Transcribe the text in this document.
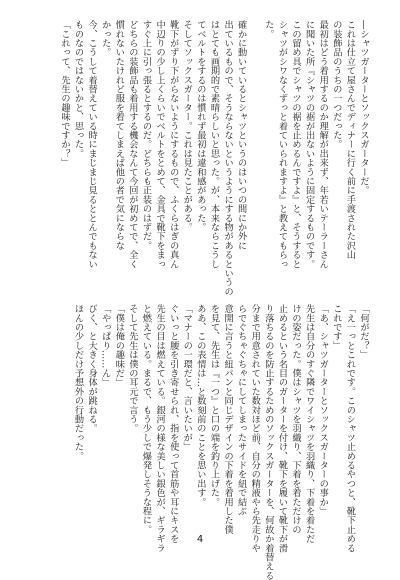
―シャツガーターとソックスガーターだ。

これは仕立て屋さんでディナーに行く前に手渡された沢山

の装飾品のうちの一つだった。

最初はどう着用するのか理解が出来ず、年若いテーラーさん

に聞いた所『シャツの裾が出ないように固定するものです。

この留め具でシャツの裾を止めるんですよ』と、そうすると

シャツがシワなくずっと着ていられますよ』と教えてもらっ

た。

確かに動いているとシャツというのはいつの間にか外に

出ているもので、そうならないというようにする物があるというの

はとても画期的で素晴らしいと思った。が、本来ならこうし

てベルトをするのは慣れず最初は違和感があった。

そしてソックスガーター。これは見たことがある。

靴下がずり下がらないようにするもので、ふくらはぎの真ん

中辺りの少し上くらいでベルトをとめて、金具で靴下をまっ

すぐ上に引っ張るとするのだ。どちらも正装のはずだ。

どちらの装飾品も着用する機会なんて今回が初めてで、全く

慣れないたけれど服を着てしまえば他の者で気にならな

かった。

今、こうして着替えている時にまじまじ見るととんでもない

ものなのではないかと、思った。

「これって、先生の趣味ですか？」

「何がだ？」

「え一っとこれです。このシャツ止めるやつと、靴下止める

これです」

「あ、シャツガーターとソックスガーターの事か」

先生は自分のすぐ隣でワイシャツを羽織り、下着を着ただ

けの姿だった。僕はシャツを羽織り、下着を着ただけの

止めるという名目のガーターを付け、靴下を履いて靴下が滑

り落ちるのを防止するためのソックスガーターを、何故か着替える

分まで用意されていた数対ほど前、自分の精液やら先走りや

らでぐちゃぐちゃにしてしまったサイドを紐で結ぶ

意開に言うと紐パンと同じデザインの下着を着用した僕

を見て、先生は『一つ』と口の端を釣り上げた。

ああ、この表情は…と数刻前のことを思い出す。

「マナーの一環だと、言いたいが」

ぐいっと腰を引き寄せられ、指を使って首筋や耳にキスを

先生の目は燃えている。銀河の様な美しい銀色が、ギラギラ

と燃えている。まるで、もう少しで爆発しそうな程に。

そして先生は僕の耳元で言う。

「僕は俺の趣味だ」

「やっぱり……ん」

びく、と大きく身体が跳ねる。

ほんの少しだけ予想外の行動だった。

4
